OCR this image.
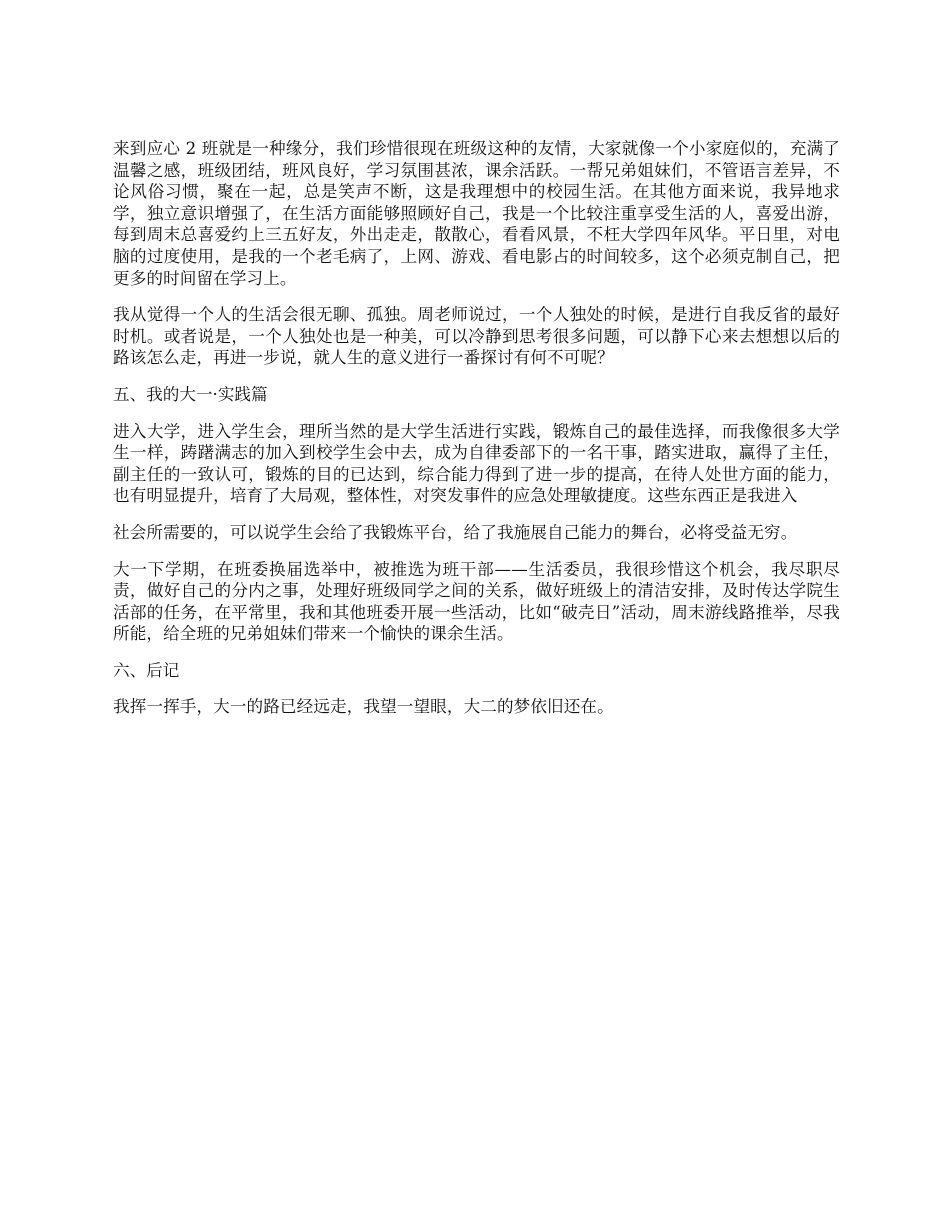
来到应心 2 班就是一种缘分，我们珍惜很现在班级这种的友情，大家就像一个小家庭似的，充满了温馨之感，班级团结，班风良好，学习氛围甚浓，课余活跃。一帮兄弟姐妹们，不管语言差异，不论风俗习惯，聚在一起，总是笑声不断，这是我理想中的校园生活。在其他方面来说，我异地求学，独立意识增强了，在生活方面能够照顾好自己，我是一个比较注重享受生活的人，喜爱出游，每到周末总喜爱约上三五好友，外出走走，散散心，看看风景，不枉大学四年风华。平日里，对电脑的过度使用，是我的一个老毛病了，上网、游戏、看电影占的时间较多，这个必须克制自己，把更多的时间留在学习上。

我从觉得一个人的生活会很无聊、孤独。周老师说过，一个人独处的时候，是进行自我反省的最好时机。或者说是，一个人独处也是一种美，可以冷静到思考很多问题，可以静下心来去想想以后的路该怎么走，再进一步说，就人生的意义进行一番探讨有何不可呢？

五、我的大一·实践篇

进入大学，进入学生会，理所当然的是大学生活进行实践，锻炼自己的最佳选择，而我像很多大学生一样，踌躇满志的加入到校学生会中去，成为自律委部下的一名干事，踏实进取，赢得了主任，副主任的一致认可，锻炼的目的已达到，综合能力得到了进一步的提高，在待人处世方面的能力，也有明显提升，培育了大局观，整体性，对突发事件的应急处理敏捷度。这些东西正是我进入

社会所需要的，可以说学生会给了我锻炼平台，给了我施展自己能力的舞台，必将受益无穷。

大一下学期，在班委换届选举中，被推选为班干部——生活委员，我很珍惜这个机会，我尽职尽责，做好自己的分内之事，处理好班级同学之间的关系，做好班级上的清洁安排，及时传达学院生活部的任务，在平常里，我和其他班委开展一些活动，比如“破壳日”活动，周末游线路推举，尽我所能，给全班的兄弟姐妹们带来一个愉快的课余生活。

六、后记

我挥一挥手，大一的路已经远走，我望一望眼，大二的梦依旧还在。
